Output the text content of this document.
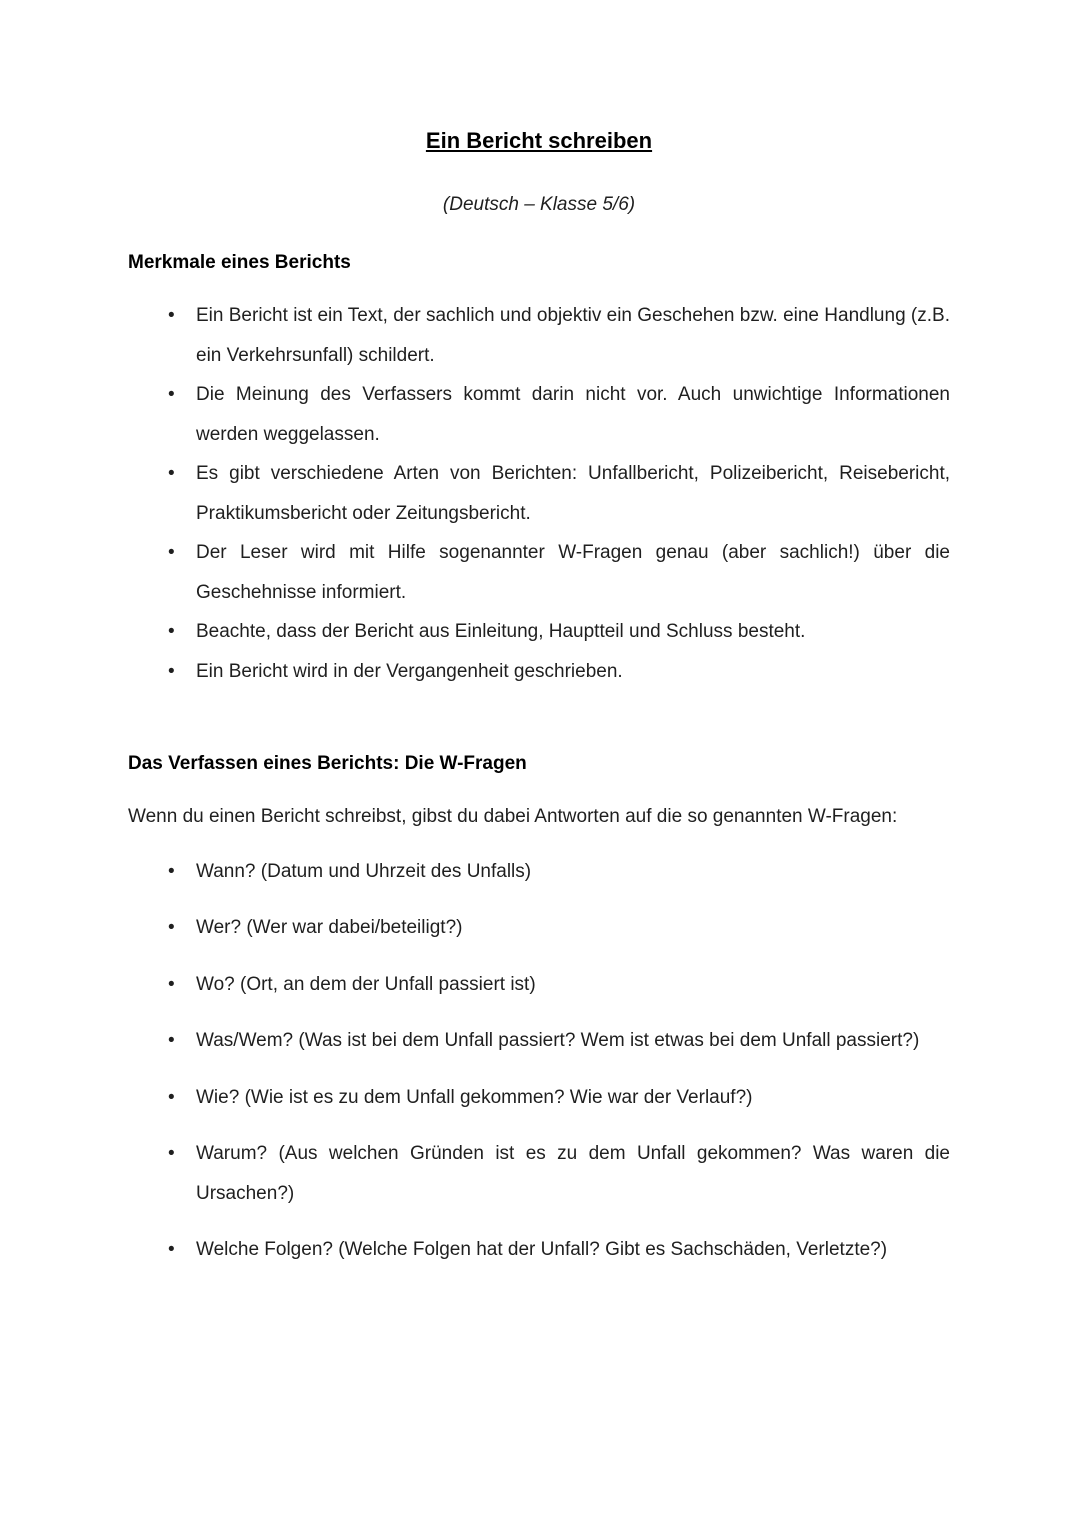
Ein Bericht schreiben
(Deutsch – Klasse 5/6)
Merkmale eines Berichts
• Ein Bericht ist ein Text, der sachlich und objektiv ein Geschehen bzw. eine Handlung (z.B. ein Verkehrsunfall) schildert.
• Die Meinung des Verfassers kommt darin nicht vor. Auch unwichtige Informationen werden weggelassen.
• Es gibt verschiedene Arten von Berichten: Unfallbericht, Polizeibericht, Reisebericht, Praktikumsbericht oder Zeitungsbericht.
• Der Leser wird mit Hilfe sogenannter W-Fragen genau (aber sachlich!) über die Geschehnisse informiert.
• Beachte, dass der Bericht aus Einleitung, Hauptteil und Schluss besteht.
• Ein Bericht wird in der Vergangenheit geschrieben.
Das Verfassen eines Berichts: Die W-Fragen

Wenn du einen Bericht schreibst, gibst du dabei Antworten auf die so genannten W-Fragen:

• Wann? (Datum und Uhrzeit des Unfalls)
• Wer? (Wer war dabei/beteiligt?)
• Wo? (Ort, an dem der Unfall passiert ist)
• Was/Wem? (Was ist bei dem Unfall passiert? Wem ist etwas bei dem Unfall passiert?)
• Wie? (Wie ist es zu dem Unfall gekommen? Wie war der Verlauf?)
• Warum? (Aus welchen Gründen ist es zu dem Unfall gekommen? Was waren die Ursachen?)
• Welche Folgen? (Welche Folgen hat der Unfall? Gibt es Sachschäden, Verletzte?)
